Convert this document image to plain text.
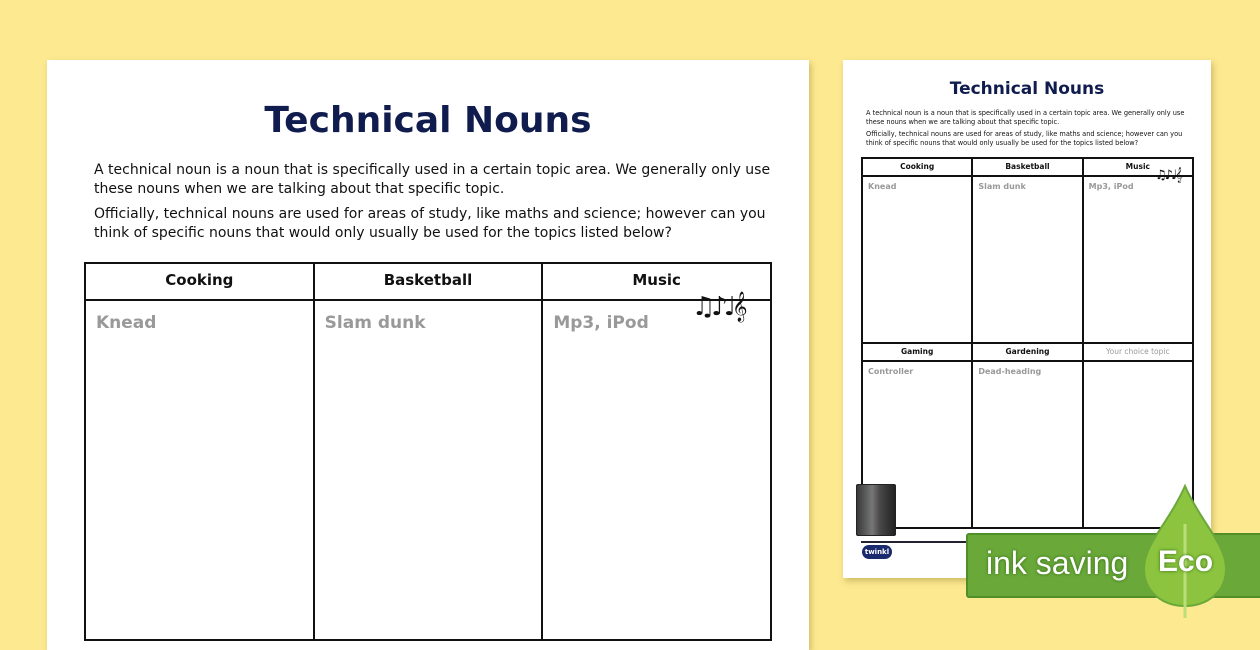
Technical Nouns
A technical noun is a noun that is specifically used in a certain topic area. We generally only use these nouns when we are talking about that specific topic.
Officially, technical nouns are used for areas of study, like maths and science; however can you think of specific nouns that would only usually be used for the topics listed below?
Cooking	Basketball	Music
Knead	Slam dunk	Mp3, iPod
♫♪♩𝄞
Technical Nouns
A technical noun is a noun that is specifically used in a certain topic area. We generally only use these nouns when we are talking about that specific topic.
Officially, technical nouns are used for areas of study, like maths and science; however can you think of specific nouns that would only usually be used for the topics listed below?
Cooking	Basketball	Music
Knead	Slam dunk	Mp3, iPod
Gaming	Gardening	Your choice topic
Controller	Dead-heading	
♫♪♩𝄞
twinkl	ink saving Eco
